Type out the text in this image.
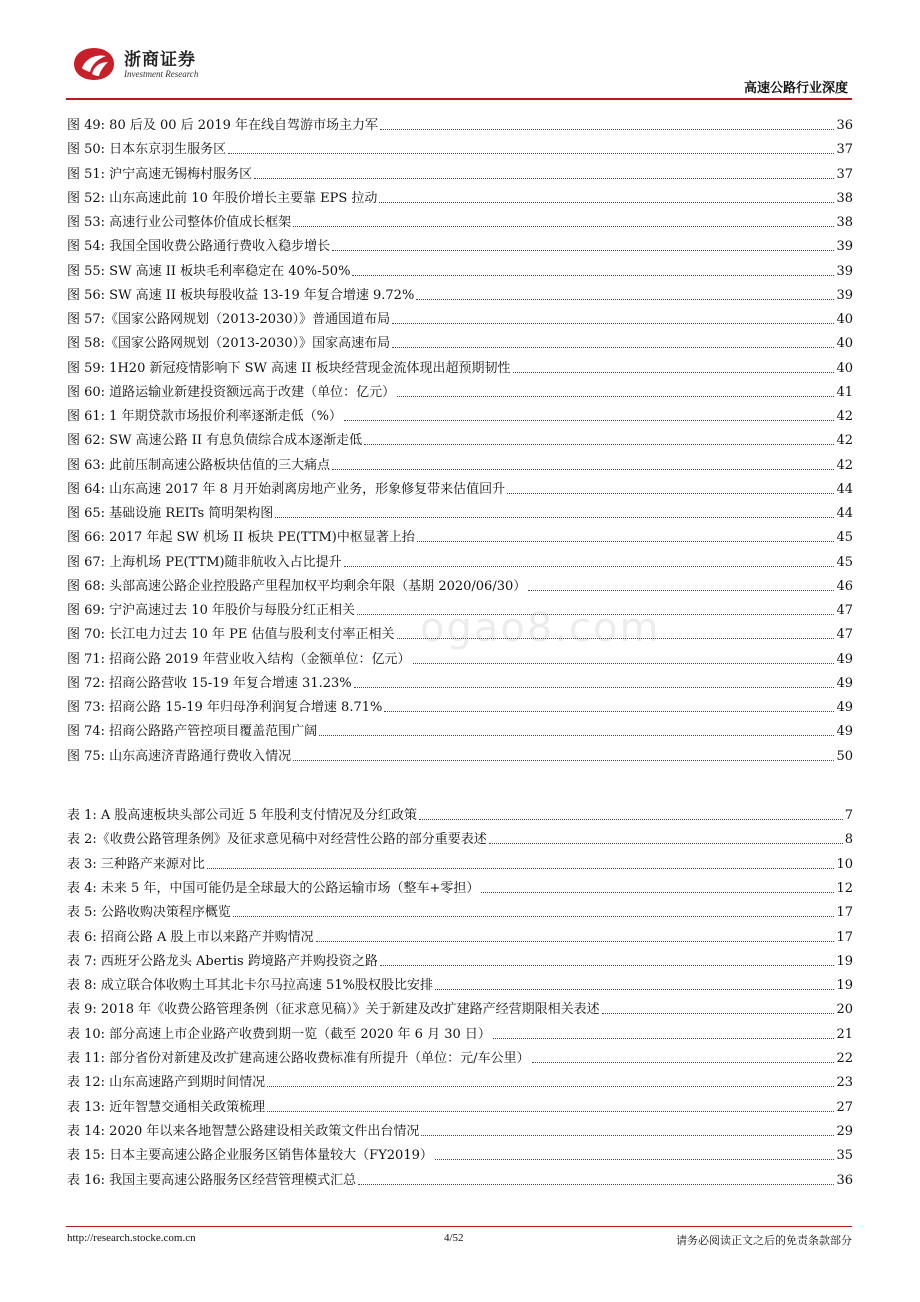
浙商证券
Investment Research
高速公路行业深度
ogao8.com
图 49: 80 后及 00 后 2019 年在线自驾游市场主力军	36
图 50: 日本东京羽生服务区	37
图 51: 沪宁高速无锡梅村服务区	37
图 52: 山东高速此前 10 年股价增长主要靠 EPS 拉动	38
图 53: 高速行业公司整体价值成长框架	38
图 54: 我国全国收费公路通行费收入稳步增长	39
图 55: SW 高速 II 板块毛利率稳定在 40%-50%	39
图 56: SW 高速 II 板块每股收益 13-19 年复合增速 9.72%	39
图 57:《国家公路网规划（2013-2030）》普通国道布局	40
图 58:《国家公路网规划（2013-2030）》国家高速布局	40
图 59: 1H20 新冠疫情影响下 SW 高速 II 板块经营现金流体现出超预期韧性	40
图 60: 道路运输业新建投资额远高于改建（单位：亿元）	41
图 61: 1 年期贷款市场报价利率逐渐走低（%）	42
图 62: SW 高速公路 II 有息负债综合成本逐渐走低	42
图 63: 此前压制高速公路板块估值的三大痛点	42
图 64: 山东高速 2017 年 8 月开始剥离房地产业务，形象修复带来估值回升	44
图 65: 基础设施 REITs 简明架构图	44
图 66: 2017 年起 SW 机场 II 板块 PE(TTM)中枢显著上抬	45
图 67: 上海机场 PE(TTM)随非航收入占比提升	45
图 68: 头部高速公路企业控股路产里程加权平均剩余年限（基期 2020/06/30）	46
图 69: 宁沪高速过去 10 年股价与每股分红正相关	47
图 70: 长江电力过去 10 年 PE 估值与股利支付率正相关	47
图 71: 招商公路 2019 年营业收入结构（金额单位：亿元）	49
图 72: 招商公路营收 15-19 年复合增速 31.23%	49
图 73: 招商公路 15-19 年归母净利润复合增速 8.71%	49
图 74: 招商公路路产管控项目覆盖范围广阔	49
图 75: 山东高速济青路通行费收入情况	50
表 1: A 股高速板块头部公司近 5 年股利支付情况及分红政策	7
表 2:《收费公路管理条例》及征求意见稿中对经营性公路的部分重要表述	8
表 3: 三种路产来源对比	10
表 4: 未来 5 年，中国可能仍是全球最大的公路运输市场（整车+零担）	12
表 5: 公路收购决策程序概览	17
表 6: 招商公路 A 股上市以来路产并购情况	17
表 7: 西班牙公路龙头 Abertis 跨境路产并购投资之路	19
表 8: 成立联合体收购土耳其北卡尔马拉高速 51%股权股比安排	19
表 9: 2018 年《收费公路管理条例（征求意见稿）》关于新建及改扩建路产经营期限相关表述	20
表 10: 部分高速上市企业路产收费到期一览（截至 2020 年 6 月 30 日）	21
表 11: 部分省份对新建及改扩建高速公路收费标准有所提升（单位：元/车公里）	22
表 12: 山东高速路产到期时间情况	23
表 13: 近年智慧交通相关政策梳理	27
表 14: 2020 年以来各地智慧公路建设相关政策文件出台情况	29
表 15: 日本主要高速公路企业服务区销售体量较大（FY2019）	35
表 16: 我国主要高速公路服务区经营管理模式汇总	36
http://research.stocke.com.cn	4/52	请务必阅读正文之后的免责条款部分
